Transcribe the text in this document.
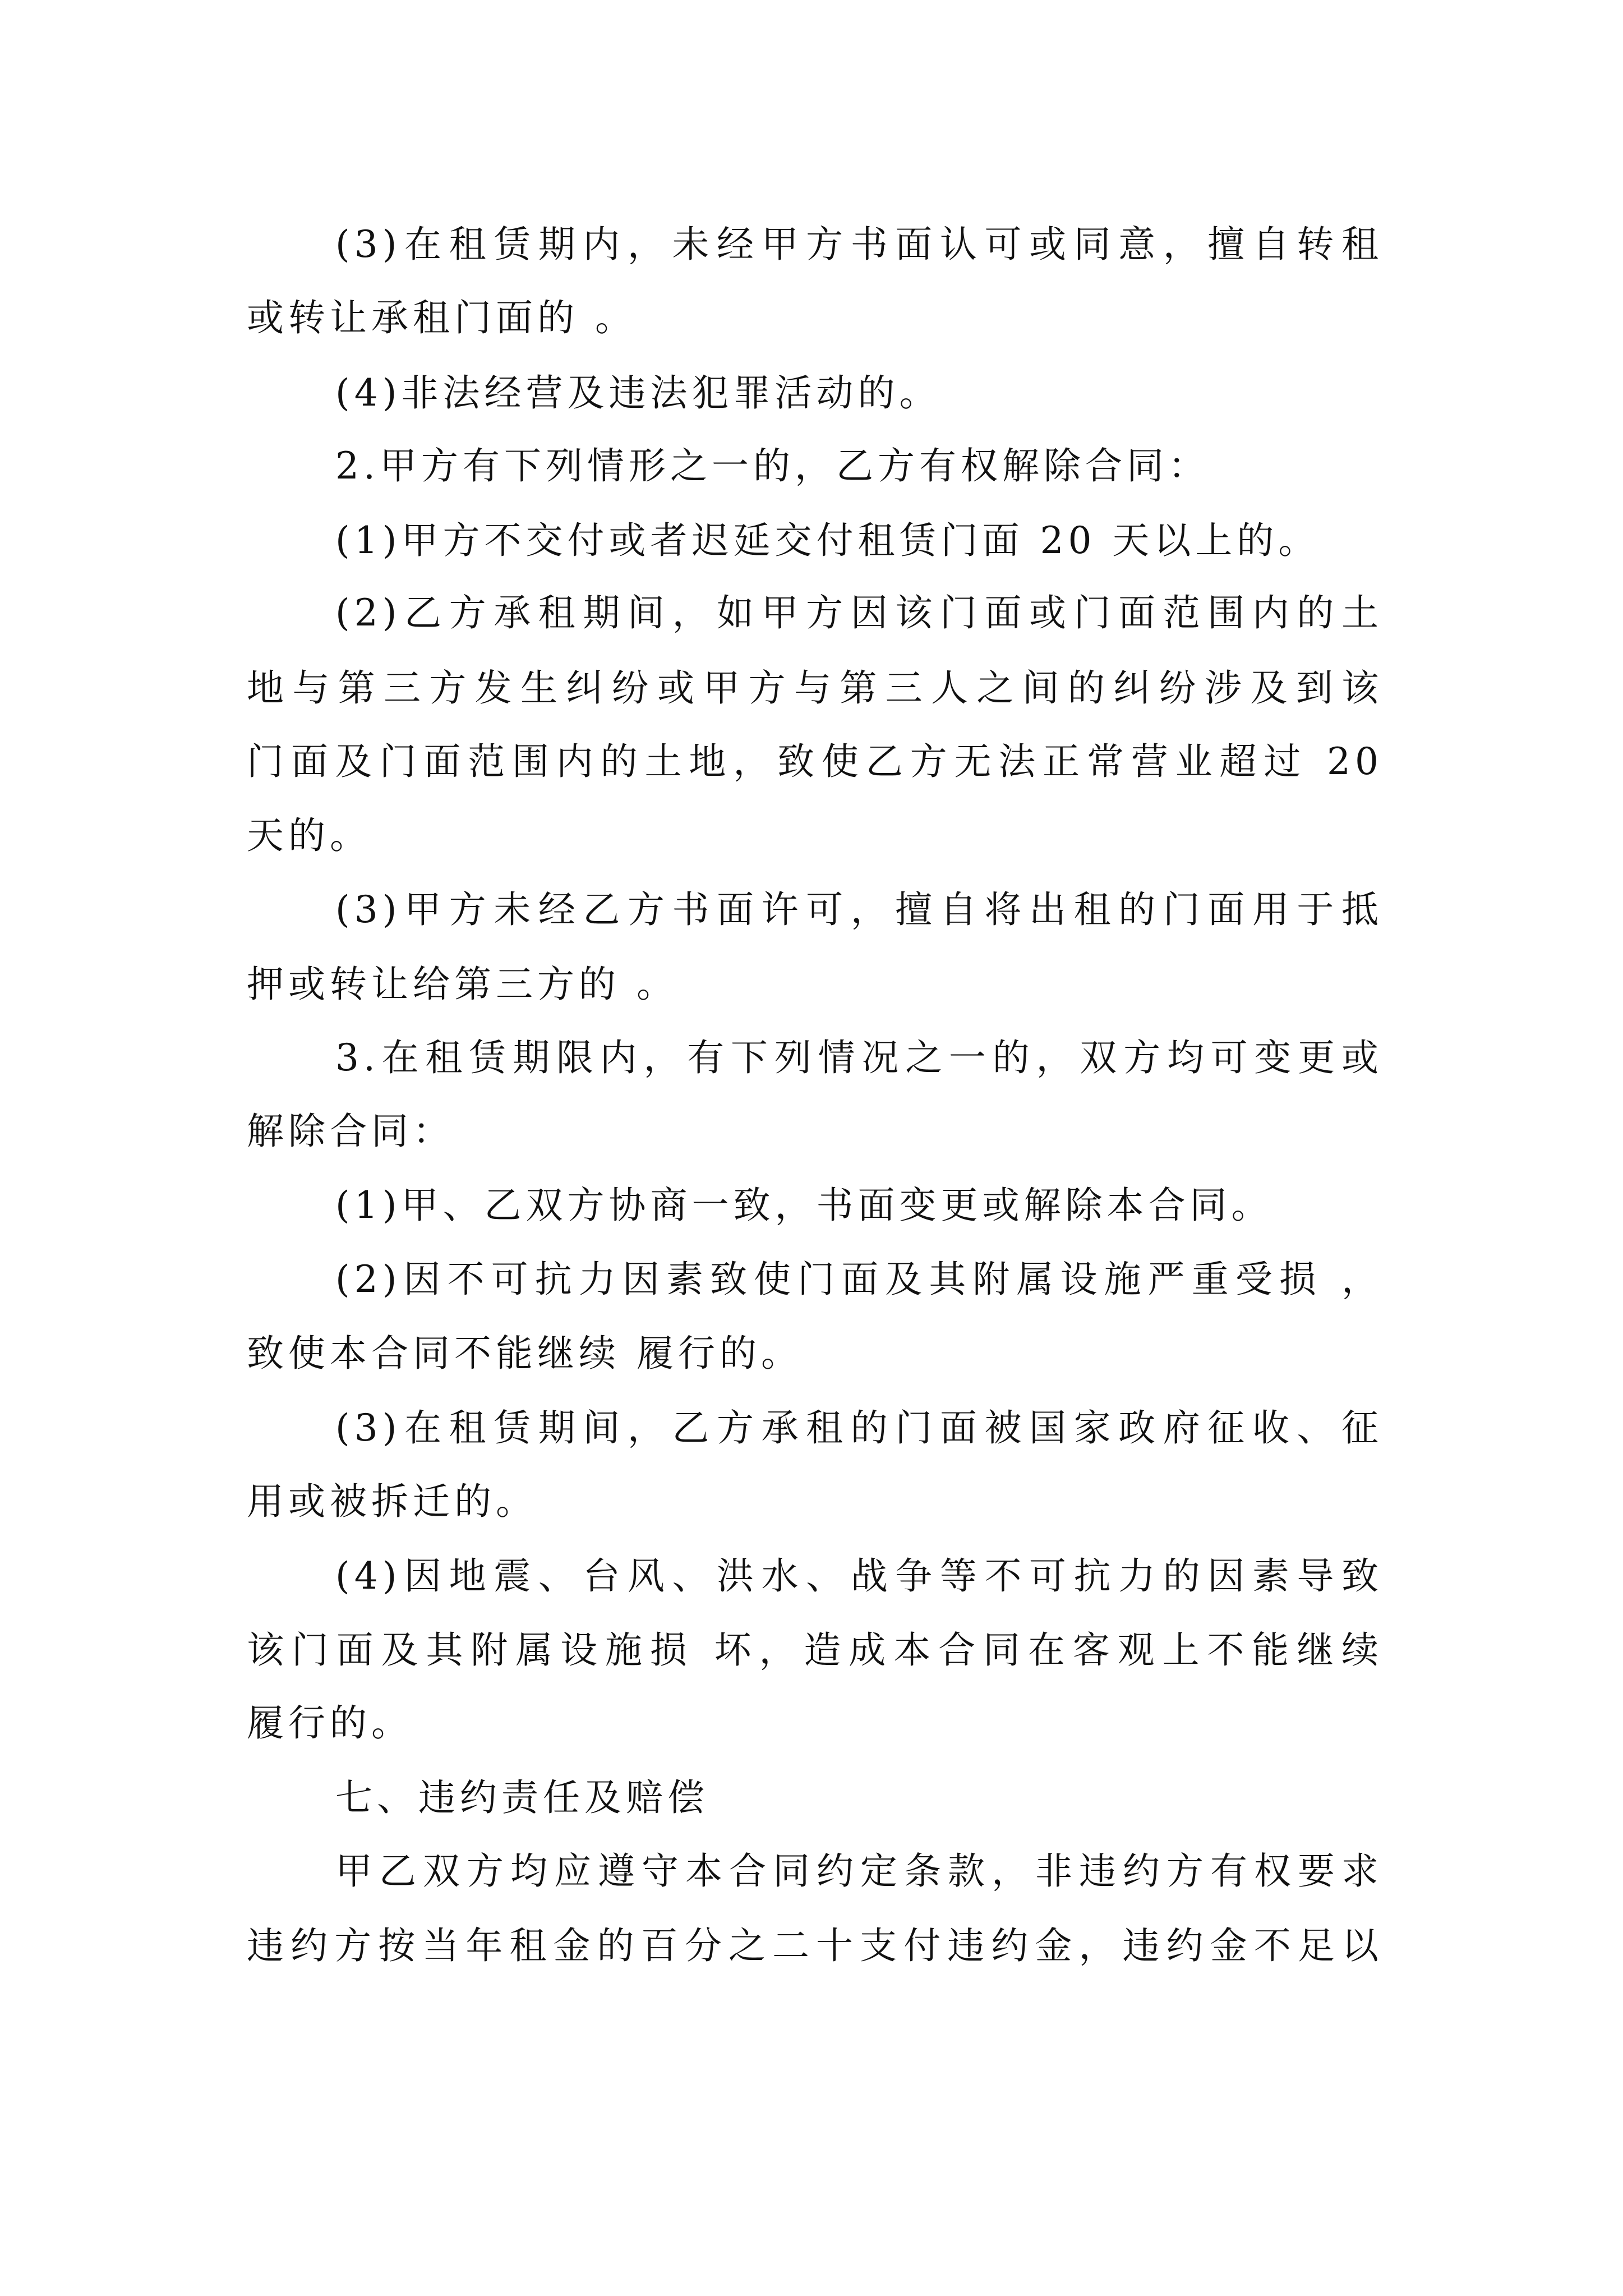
(3)在租赁期内，未经甲方书面认可或同意，擅自转租

或转让承租门面的 。

(4)非法经营及违法犯罪活动的。

2.甲方有下列情形之一的，乙方有权解除合同：

(1)甲方不交付或者迟延交付租赁门面 20 天以上的。

(2)乙方承租期间，如甲方因该门面或门面范围内的土

地与第三方发生纠纷或甲方与第三人之间的纠纷涉及到该

门面及门面范围内的土地，致使乙方无法正常营业超过 20

天的。

(3)甲方未经乙方书面许可，擅自将出租的门面用于抵

押或转让给第三方的 。

3.在租赁期限内，有下列情况之一的，双方均可变更或

解除合同：

(1)甲、乙双方协商一致，书面变更或解除本合同。

(2)因不可抗力因素致使门面及其附属设施严重受损 ，

致使本合同不能继续 履行的。

(3)在租赁期间，乙方承租的门面被国家政府征收、征

用或被拆迁的。

(4)因地震、台风、洪水、战争等不可抗力的因素导致

该门面及其附属设施损 坏，造成本合同在客观上不能继续

履行的。

七、违约责任及赔偿

甲乙双方均应遵守本合同约定条款，非违约方有权要求

违约方按当年租金的百分之二十支付违约金，违约金不足以
